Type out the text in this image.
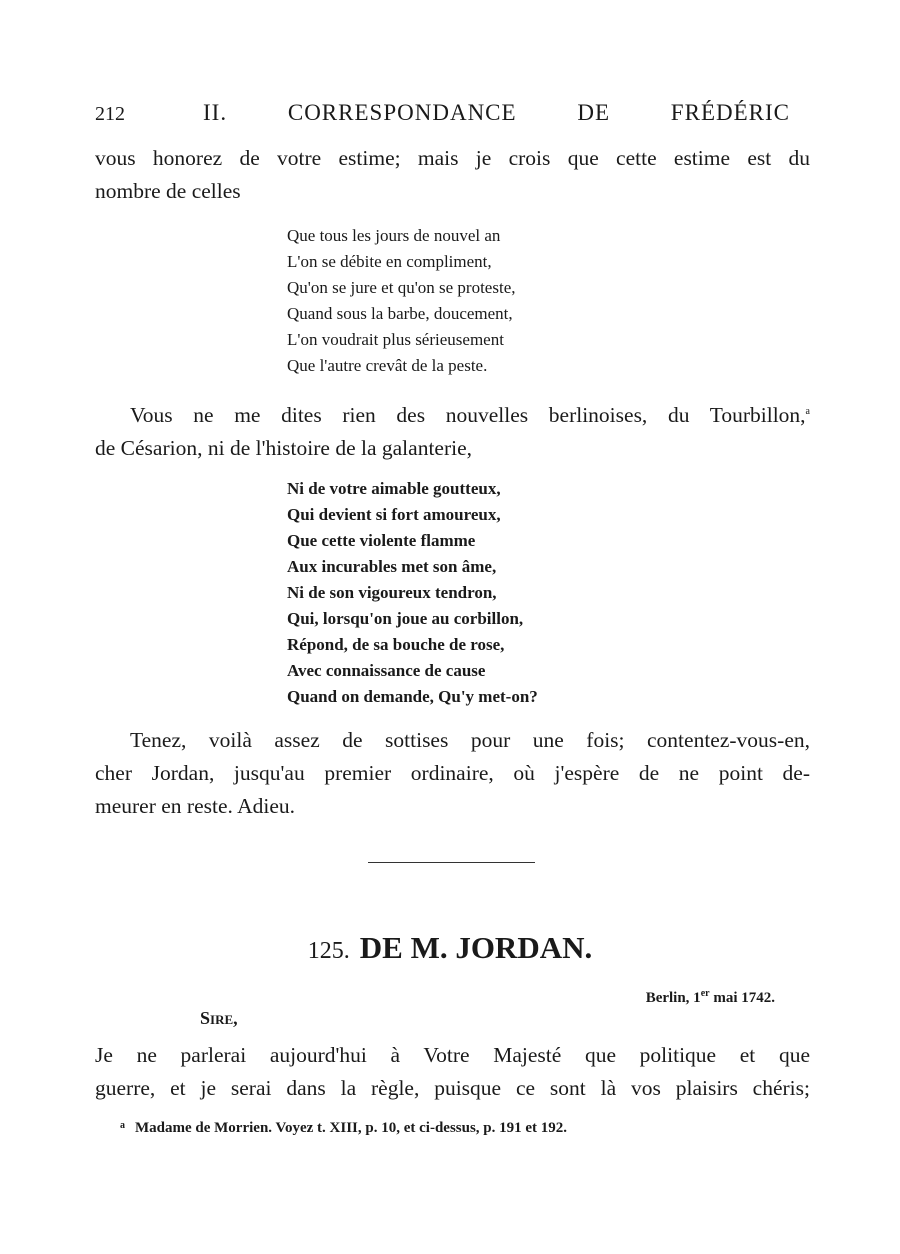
212	II. CORRESPONDANCE DE FRÉDÉRIC
vous honorez de votre estime; mais je crois que cette estime est du
nombre de celles
Que tous les jours de nouvel an
L'on se débite en compliment,
Qu'on se jure et qu'on se proteste,
Quand sous la barbe, doucement,
L'on voudrait plus sérieusement
Que l'autre crevât de la peste.
Vous ne me dites rien des nouvelles berlinoises, du Tourbillon,$^a$
de Césarion, ni de l'histoire de la galanterie,
Ni de votre aimable goutteux,
Qui devient si fort amoureux,
Que cette violente flamme
Aux incurables met son âme,
Ni de son vigoureux tendron,
Qui, lorsqu'on joue au corbillon,
Répond, de sa bouche de rose,
Avec connaissance de cause
Quand on demande, Qu'y met-on?
Tenez, voilà assez de sottises pour une fois; contentez-vous-en,
cher Jordan, jusqu'au premier ordinaire, où j'espère de ne point de-
meurer en reste. Adieu.
125. DE M. JORDAN.
Berlin, 1er mai 1742.
Sire,
Je ne parlerai aujourd'hui à Votre Majesté que politique et que
guerre, et je serai dans la règle, puisque ce sont là vos plaisirs chéris;
$^a$ Madame de Morrien. Voyez t. XIII, p. 10, et ci-dessus, p. 191 et 192.
